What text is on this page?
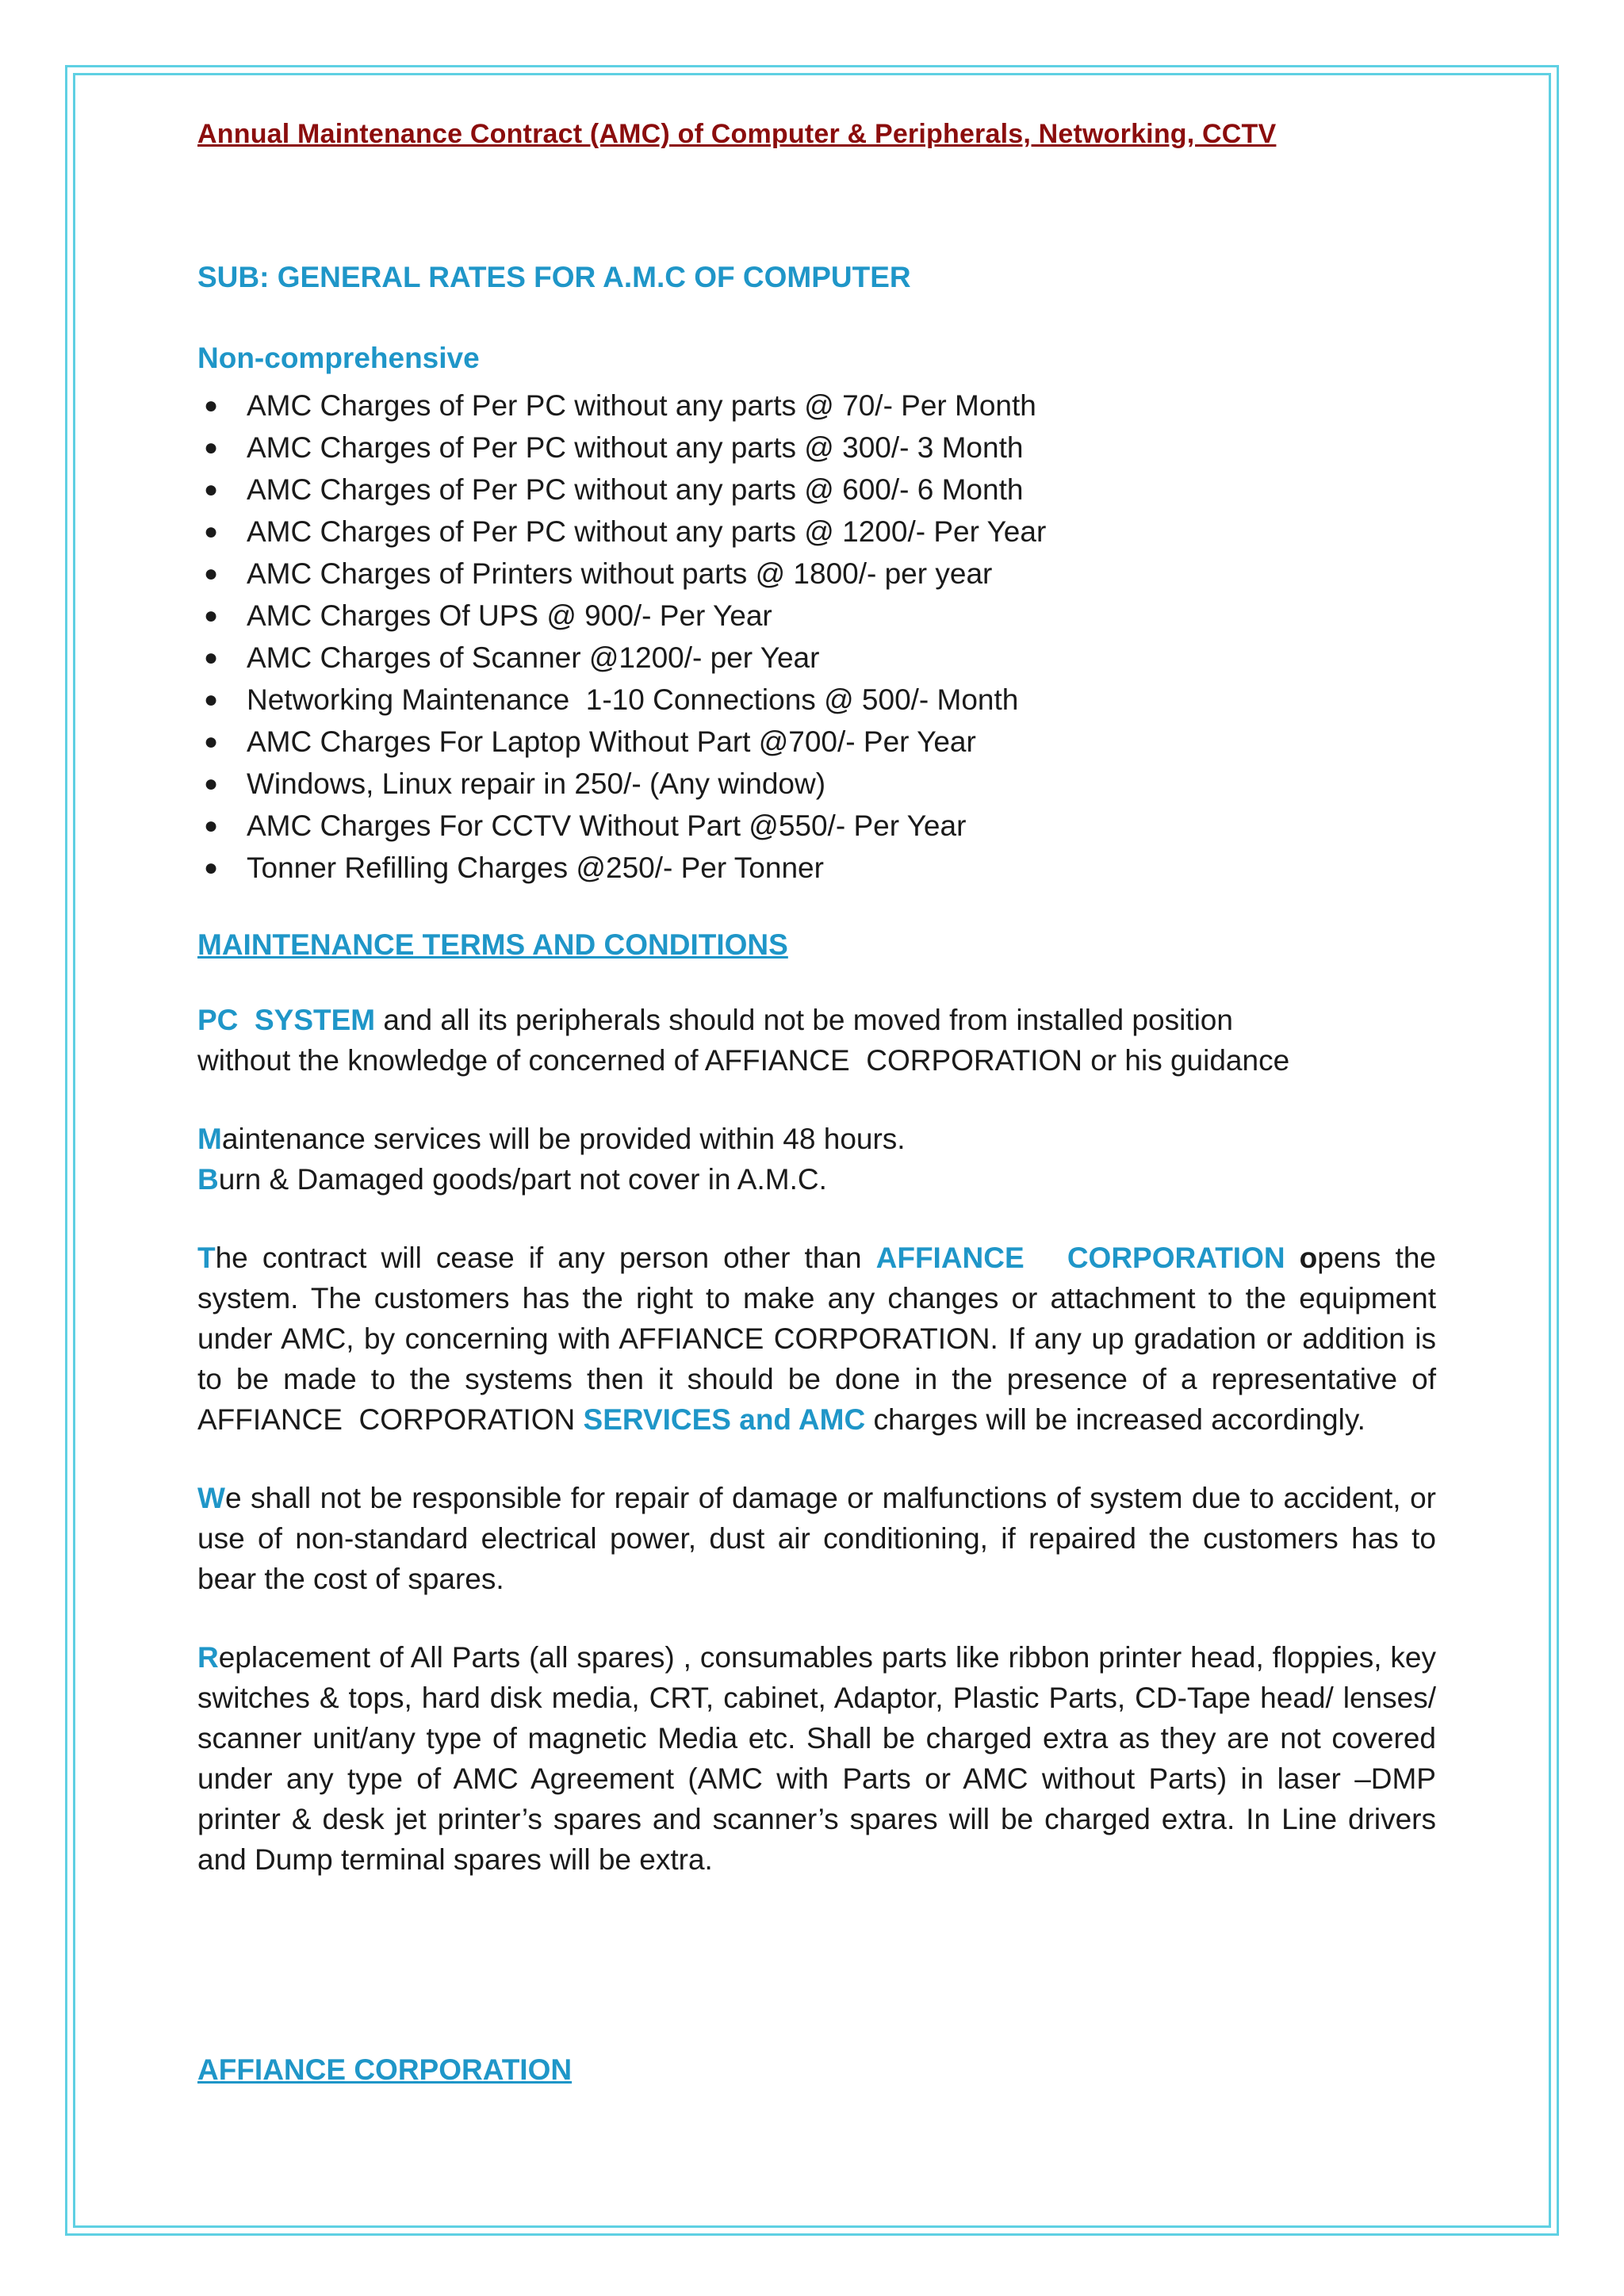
Annual Maintenance Contract (AMC) of Computer & Peripherals, Networking, CCTV
SUB: GENERAL RATES FOR A.M.C OF COMPUTER
Non-comprehensive
● AMC Charges of Per PC without any parts @ 70/- Per Month
● AMC Charges of Per PC without any parts @ 300/- 3 Month
● AMC Charges of Per PC without any parts @ 600/- 6 Month
● AMC Charges of Per PC without any parts @ 1200/- Per Year
● AMC Charges of Printers without parts @ 1800/- per year
● AMC Charges Of UPS @ 900/- Per Year
● AMC Charges of Scanner @1200/- per Year
● Networking Maintenance  1-10 Connections @ 500/- Month
● AMC Charges For Laptop Without Part @700/- Per Year
● Windows, Linux repair in 250/- (Any window)
● AMC Charges For CCTV Without Part @550/- Per Year
● Tonner Refilling Charges @250/- Per Tonner
MAINTENANCE TERMS AND CONDITIONS

PC  SYSTEM and all its peripherals should not be moved from installed position
without the knowledge of concerned of AFFIANCE  CORPORATION or his guidance

Maintenance services will be provided within 48 hours.

Burn & Damaged goods/part not cover in A.M.C.

The contract will cease if any person other than AFFIANCE   CORPORATION opens the system. The customers has the right to make any changes or attachment to the equipment under AMC, by concerning with AFFIANCE CORPORATION. If any up gradation or addition is to be made to the systems then it should be done in the presence of a representative of AFFIANCE  CORPORATION SERVICES and AMC charges will be increased accordingly.

We shall not be responsible for repair of damage or malfunctions of system due to accident, or use of non-standard electrical power, dust air conditioning, if repaired the customers has to bear the cost of spares.

Replacement of All Parts (all spares) , consumables parts like ribbon printer head, floppies, key switches & tops, hard disk media, CRT, cabinet, Adaptor, Plastic Parts, CD-Tape head/ lenses/ scanner unit/any type of magnetic Media etc. Shall be charged extra as they are not covered under any type of AMC Agreement (AMC with Parts or AMC without Parts) in laser –DMP printer & desk jet printer’s spares and scanner’s spares will be charged extra. In Line drivers and Dump terminal spares will be extra.

AFFIANCE CORPORATION
